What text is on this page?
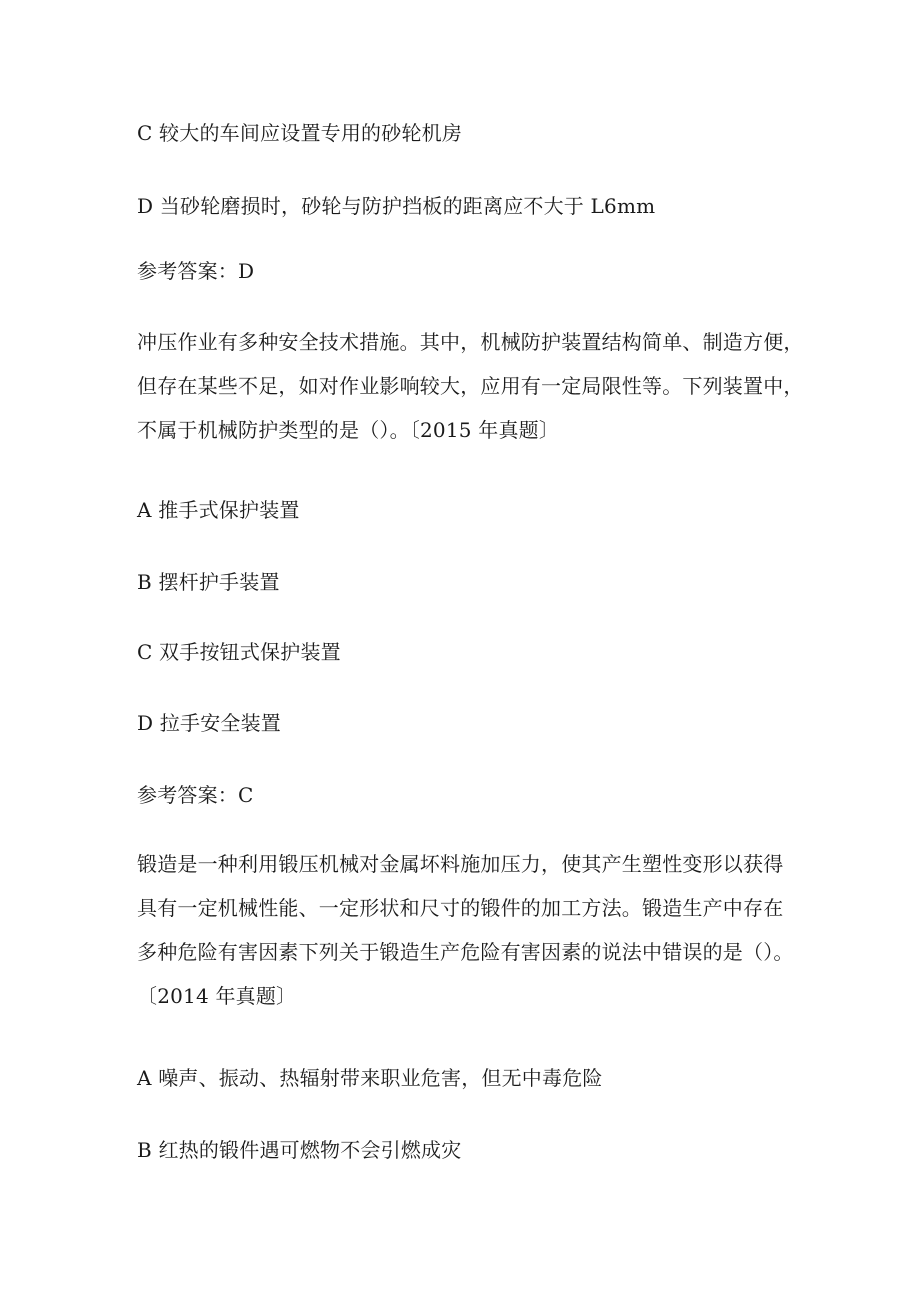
C 较大的车间应设置专用的砂轮机房
D 当砂轮磨损时，砂轮与防护挡板的距离应不大于 L6mm
参考答案：D
冲压作业有多种安全技术措施。其中，机械防护装置结构简单、制造方便，
但存在某些不足，如对作业影响较大，应用有一定局限性等。下列装置中，
不属于机械防护类型的是（）。〔2015 年真题〕
A 推手式保护装置
B 摆杆护手装置
C 双手按钮式保护装置
D 拉手安全装置
参考答案：C
锻造是一种利用锻压机械对金属坏料施加压力，使其产生塑性变形以获得
具有一定机械性能、一定形状和尺寸的锻件的加工方法。锻造生产中存在
多种危险有害因素下列关于锻造生产危险有害因素的说法中错误的是（）。
〔2014 年真题〕
A 噪声、振动、热辐射带来职业危害，但无中毒危险
B 红热的锻件遇可燃物不会引燃成灾
